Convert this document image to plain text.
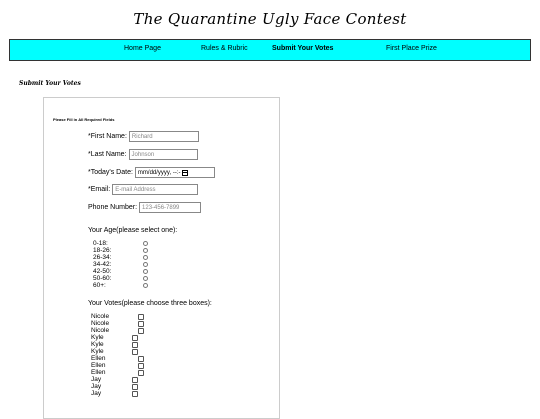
The Quarantine Ugly Face Contest
Home Page	Rules & Rubric	Submit Your Votes	First Place Prize
Submit Your Votes
Please Fill in All Required Fields
*First Name: Richard
*Last Name: Johnson
*Today's Date: mm/dd/yyyy, --:-
*Email: E-mail Address
Phone Number: 123-456-7899
Your Age(please select one):
0-18:
18-26:
26-34:
34-42:
42-50:
50-60:
60+:
Your Votes(please choose three boxes):
Nicole
Nicole
Nicole
Kyle
Kyle
Kyle
Ellen
Ellen
Ellen
Jay
Jay
Jay
